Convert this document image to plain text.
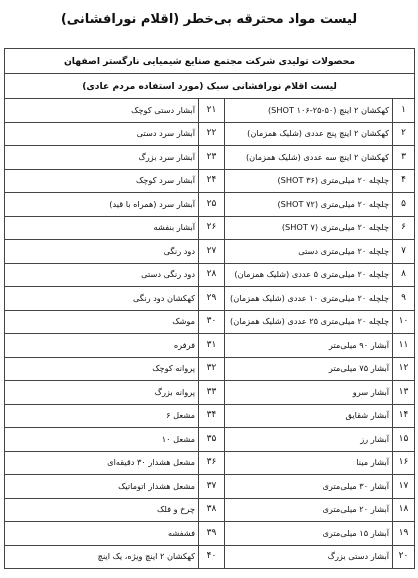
لیست مواد محترقه بی‌خطر (اقلام نورافشانی)
محصولات تولیدی شرکت مجتمع صنایع شیمیایی نارگستر اصفهان			
لیست اقلام نورافشانی سبک (مورد استفاده مردم عادی)			
۱	کهکشان ۲ اینچ (SHOT ۱۰۶-۲۵-۵۰)	۲۱	آبشار دستی کوچک
۲	کهکشان ۲ اینچ پنج عددی (شلیک همزمان)	۲۲	آبشار سرد دستی
۳	کهکشان ۲ اینچ سه عددی (شلیک همزمان)	۲۳	آبشار سرد بزرگ
۴	چلچله ۲۰ میلی‌متری (۳۶ SHOT)	۲۴	آبشار سرد کوچک
۵	چلچله ۲۰ میلی‌متری (۷۲ SHOT)	۲۵	آبشار سرد (همراه با قید)
۶	چلچله ۲۰ میلی‌متری (۷ SHOT)	۲۶	آبشار بنفشه
۷	چلچله ۲۰ میلی‌متری دستی	۲۷	دود رنگی
۸	چلچله ۲۰ میلی‌متری ۵ عددی (شلیک همزمان)	۲۸	دود رنگی دستی
۹	چلچله ۲۰ میلی‌متری ۱۰ عددی (شلیک همزمان)	۲۹	کهکشان دود رنگی
۱۰	چلچله ۲۰ میلی‌متری ۲۵ عددی (شلیک همزمان)	۳۰	موشک
۱۱	آبشار ۹۰ میلی‌متر	۳۱	فرفره
۱۲	آبشار ۷۵ میلی‌متر	۳۲	پروانه کوچک
۱۳	آبشار سرو	۳۳	پروانه بزرگ
۱۴	آبشار شقایق	۳۴	مشعل ۶
۱۵	آبشار رز	۳۵	مشعل ۱۰
۱۶	آبشار مینا	۳۶	مشعل هشدار ۳۰ دقیقه‌ای
۱۷	آبشار ۳۰ میلی‌متری	۳۷	مشعل هشدار اتوماتیک
۱۸	آبشار ۲۰ میلی‌متری	۳۸	چرخ و فلک
۱۹	آبشار ۱۵ میلی‌متری	۳۹	فشفشه
۲۰	آبشار دستی بزرگ	۴۰	کهکشان ۲ اینچ ویژه، یک اینچ
